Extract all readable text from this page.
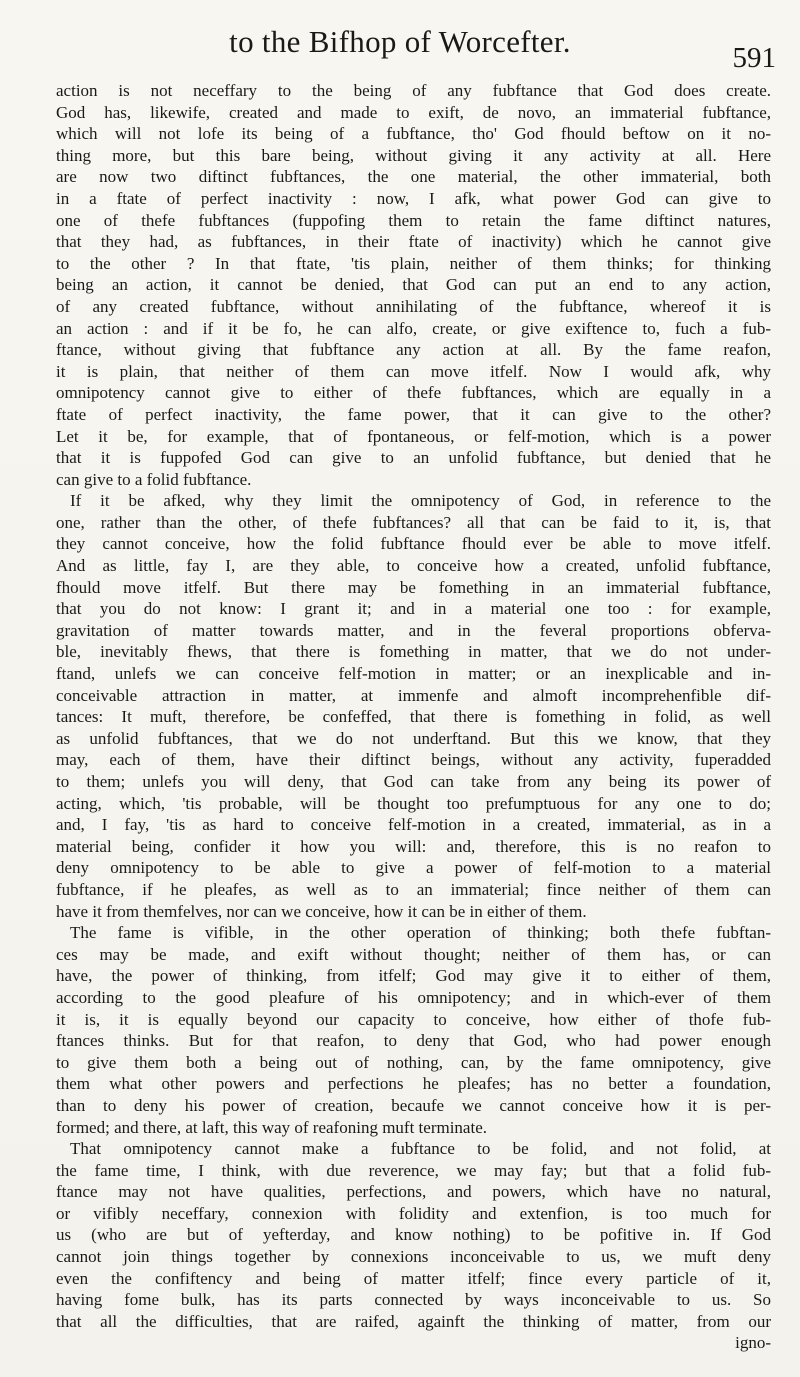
to the Bifhop of Worcefter.	591
action is not neceffary to the being of any fubftance that God does create.
God has, likewife, created and made to exift, de novo, an immaterial fubftance,
which will not lofe its being of a fubftance, tho' God fhould beftow on it no-
thing more, but this bare being, without giving it any activity at all. Here
are now two diftinct fubftances, the one material, the other immaterial, both
in a ftate of perfect inactivity : now, I afk, what power God can give to
one of thefe fubftances (fuppofing them to retain the fame diftinct natures,
that they had, as fubftances, in their ftate of inactivity) which he cannot give
to the other ? In that ftate, 'tis plain, neither of them thinks; for thinking
being an action, it cannot be denied, that God can put an end to any action,
of any created fubftance, without annihilating of the fubftance, whereof it is
an action : and if it be fo, he can alfo, create, or give exiftence to, fuch a fub-
ftance, without giving that fubftance any action at all. By the fame reafon,
it is plain, that neither of them can move itfelf. Now I would afk, why
omnipotency cannot give to either of thefe fubftances, which are equally in a
ftate of perfect inactivity, the fame power, that it can give to the other?
Let it be, for example, that of fpontaneous, or felf-motion, which is a power
that it is fuppofed God can give to an unfolid fubftance, but denied that he
can give to a folid fubftance.
If it be afked, why they limit the omnipotency of God, in reference to the
one, rather than the other, of thefe fubftances? all that can be faid to it, is, that
they cannot conceive, how the folid fubftance fhould ever be able to move itfelf.
And as little, fay I, are they able, to conceive how a created, unfolid fubftance,
fhould move itfelf. But there may be fomething in an immaterial fubftance,
that you do not know: I grant it; and in a material one too : for example,
gravitation of matter towards matter, and in the feveral proportions obferva-
ble, inevitably fhews, that there is fomething in matter, that we do not under-
ftand, unlefs we can conceive felf-motion in matter; or an inexplicable and in-
conceivable attraction in matter, at immenfe and almoft incomprehenfible dif-
tances: It muft, therefore, be confeffed, that there is fomething in folid, as well
as unfolid fubftances, that we do not underftand. But this we know, that they
may, each of them, have their diftinct beings, without any activity, fuperadded
to them; unlefs you will deny, that God can take from any being its power of
acting, which, 'tis probable, will be thought too prefumptuous for any one to do;
and, I fay, 'tis as hard to conceive felf-motion in a created, immaterial, as in a
material being, confider it how you will: and, therefore, this is no reafon to
deny omnipotency to be able to give a power of felf-motion to a material
fubftance, if he pleafes, as well as to an immaterial; fince neither of them can
have it from themfelves, nor can we conceive, how it can be in either of them.
The fame is vifible, in the other operation of thinking; both thefe fubftan-
ces may be made, and exift without thought; neither of them has, or can
have, the power of thinking, from itfelf; God may give it to either of them,
according to the good pleafure of his omnipotency; and in which-ever of them
it is, it is equally beyond our capacity to conceive, how either of thofe fub-
ftances thinks. But for that reafon, to deny that God, who had power enough
to give them both a being out of nothing, can, by the fame omnipotency, give
them what other powers and perfections he pleafes; has no better a foundation,
than to deny his power of creation, becaufe we cannot conceive how it is per-
formed; and there, at laft, this way of reafoning muft terminate.
That omnipotency cannot make a fubftance to be folid, and not folid, at
the fame time, I think, with due reverence, we may fay; but that a folid fub-
ftance may not have qualities, perfections, and powers, which have no natural,
or vifibly neceffary, connexion with folidity and extenfion, is too much for
us (who are but of yefterday, and know nothing) to be pofitive in. If God
cannot join things together by connexions inconceivable to us, we muft deny
even the confiftency and being of matter itfelf; fince every particle of it,
having fome bulk, has its parts connected by ways inconceivable to us. So
that all the difficulties, that are raifed, againft the thinking of matter, from our
igno-
